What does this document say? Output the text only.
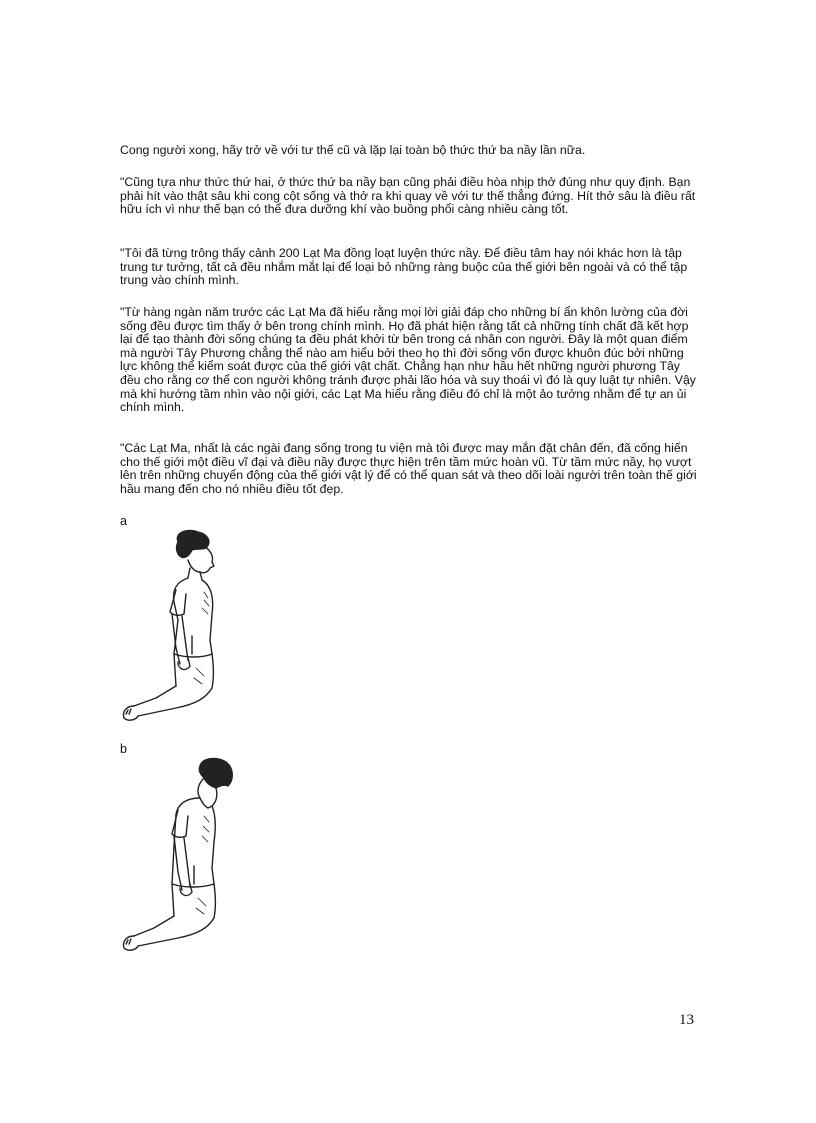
Cong người xong, hãy trở về với tư thế cũ và lặp lại toàn bộ thức thứ ba nầy lần nữa.

"Cũng tựa như thức thứ hai, ở thức thứ ba nầy bạn cũng phải điều hòa nhịp thở đúng như quy định. Bạn phải hít vào thật sâu khi cong cột sống và thở ra khi quay về với tư thế thẳng đứng. Hít thở sâu là điều rất hữu ích vì như thế bạn có thể đưa dưỡng khí vào buồng phổi càng nhiều càng tốt.

"Tôi đã từng trông thấy cảnh 200 Lạt Ma đồng loạt luyện thức nầy. Để điều tâm hay nói khác hơn là tập trung tư tưởng, tất cả đều nhắm mắt lại để loại bỏ những ràng buộc của thế giới bên ngoài và có thể tập trung vào chính mình.

"Từ hàng ngàn năm trước các Lạt Ma đã hiểu rằng mọi lời giải đáp cho những bí ẩn khôn lường của đời sống đều được tìm thấy ở bên trong chính mình. Họ đã phát hiện rằng tất cả những tính chất đã kết hợp lại để tạo thành đời sống chúng ta đều phát khởi từ bên trong cá nhân con người. Đây là một quan điểm mà người Tây Phương chẳng thể nào am hiểu bởi theo họ thì đời sống vốn được khuôn đúc bởi những lực không thể kiểm soát được của thế giới vật chất. Chẳng hạn như hầu hết những người phương Tây đều cho rằng cơ thể con người không tránh được phải lão hóa và suy thoái vì đó là quy luật tự nhiên. Vậy mà khi hướng tầm nhìn vào nội giới, các Lạt Ma hiểu rằng điều đó chỉ là một ảo tưởng nhằm để tự an ủi chính mình.

"Các Lạt Ma, nhất là các ngài đang sống trong tu viện mà tôi được may mắn đặt chân đến, đã cống hiến cho thế giới một điều vĩ đại và điều nầy được thực hiện trên tầm mức hoàn vũ. Từ tầm mức nầy, họ vượt lên trên những chuyển động của thế giới vật lý để có thể quan sát và theo dõi loài người trên toàn thế giới hầu mang đến cho nó nhiều điều tốt đẹp.

a
b
13
